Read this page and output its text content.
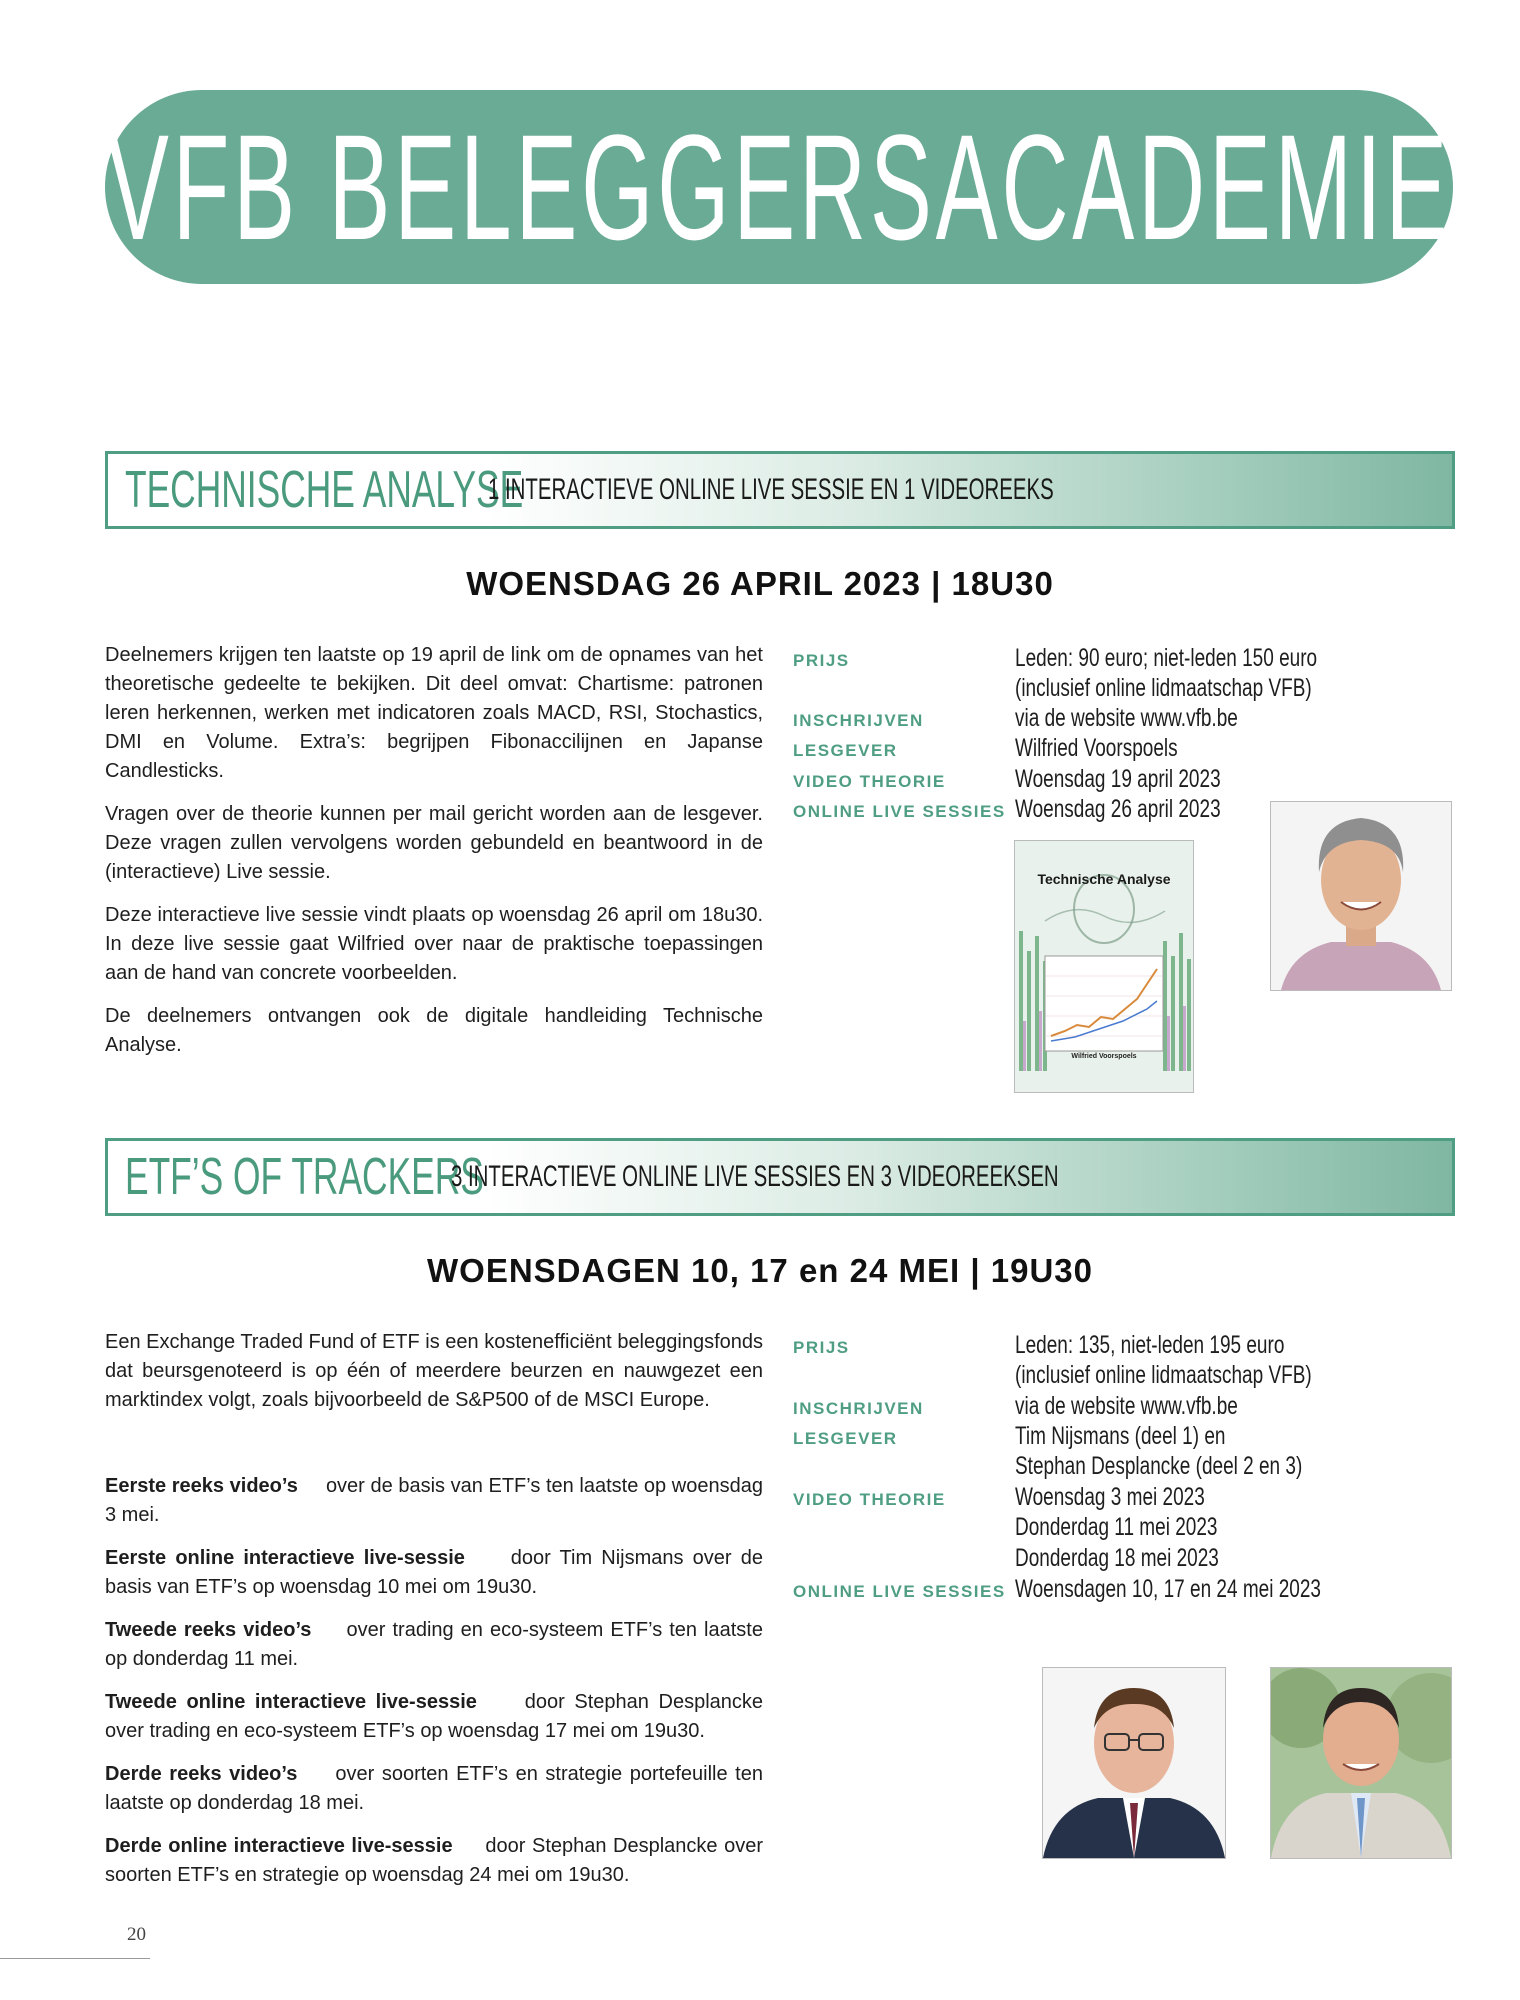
VFB BELEGGERSACADEMIE
TECHNISCHE ANALYSE
1 INTERACTIEVE ONLINE LIVE SESSIE EN 1 VIDEOREEKS
WOENSDAG 26 APRIL 2023 | 18U30

Deelnemers krijgen ten laatste op 19 april de link om de opnames van het theoretische gedeelte te bekijken. Dit deel omvat: Chartisme: patronen leren herkennen, werken met indicatoren zoals MACD, RSI, Stochastics, DMI en Volume. Extra’s: begrijpen Fibonaccilijnen en Japanse Candlesticks.

Vragen over de theorie kunnen per mail gericht worden aan de lesgever. Deze vragen zullen vervolgens worden gebundeld en beantwoord in de (interactieve) Live sessie.

Deze interactieve live sessie vindt plaats op woensdag 26 april om 18u30. In deze live sessie gaat Wilfried over naar de praktische toepassingen aan de hand van concrete voorbeelden.

De deelnemers ontvangen ook de digitale handleiding Technische Analyse.

PRIJS
INSCHRIJVEN
LESGEVER
VIDEO THEORIE
ONLINE LIVE SESSIES
Leden: 90 euro; niet-leden 150 euro
(inclusief online lidmaatschap VFB)
via de website www.vfb.be
Wilfried Voorspoels
Woensdag 19 april 2023
Woensdag 26 april 2023
Technische Analyse
Wilfried Voorspoels
ETF’S OF TRACKERS
3 INTERACTIEVE ONLINE LIVE SESSIES EN 3 VIDEOREEKSEN
WOENSDAGEN 10, 17 en 24 MEI | 19U30
Een Exchange Traded Fund of ETF is een kostenefficiënt beleggingsfonds dat beursgenoteerd is op één of meerdere beurzen en nauwgezet een marktindex volgt, zoals bijvoorbeeld de S&P500 of de MSCI Europe.

Eerste reeks video’s over de basis van ETF’s ten laatste op woensdag 3 mei.

Eerste online interactieve live-sessie door Tim Nijsmans over de basis van ETF’s op woensdag 10 mei om 19u30.

Tweede reeks video’s over trading en eco-systeem ETF’s ten laatste op donderdag 11 mei.

Tweede online interactieve live-sessie door Stephan Desplancke over trading en eco-systeem ETF’s op woensdag 17 mei om 19u30.

Derde reeks video’s over soorten ETF’s en strategie portefeuille ten laatste op donderdag 18 mei.

Derde online interactieve live-sessie door Stephan Desplancke over soorten ETF’s en strategie op woensdag 24 mei om 19u30.

PRIJS
INSCHRIJVEN
LESGEVER
VIDEO THEORIE
ONLINE LIVE SESSIES
Leden: 135, niet-leden 195 euro
(inclusief online lidmaatschap VFB)
via de website www.vfb.be
Tim Nijsmans (deel 1) en
Stephan Desplancke (deel 2 en 3)
Woensdag 3 mei 2023
Donderdag 11 mei 2023
Donderdag 18 mei 2023
Woensdagen 10, 17 en 24 mei 2023
20
